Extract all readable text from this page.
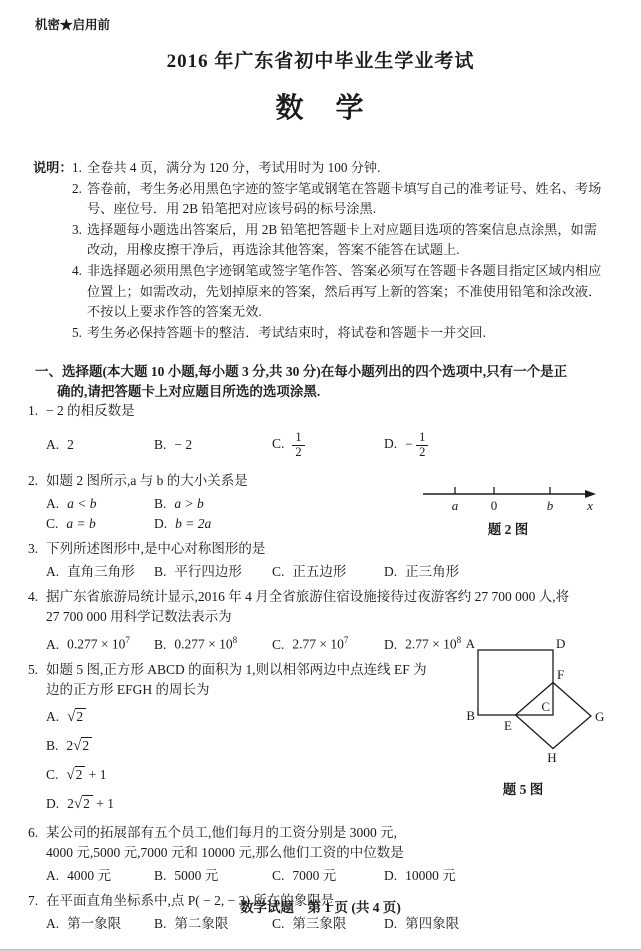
机密★启用前
2016 年广东省初中毕业生学业考试
数　学
说明： 1. 全卷共 4 页，满分为 120 分，考试用时为 100 分钟.
2. 答卷前，考生务必用黑色字迹的签字笔或钢笔在答题卡填写自己的准考证号、姓名、考场号、座位号．用 2B 铅笔把对应该号码的标号涂黑.
3. 选择题每小题选出答案后，用 2B 铅笔把答题卡上对应题目选项的答案信息点涂黑，如需改动，用橡皮擦干净后，再选涂其他答案，答案不能答在试题上.
4. 非选择题必须用黑色字迹钢笔或签字笔作答、答案必须写在答题卡各题目指定区域内相应位置上；如需改动，先划掉原来的答案，然后再写上新的答案；不准使用铅笔和涂改液．不按以上要求作答的答案无效.
5. 考生务必保持答题卡的整洁．考试结束时，将试卷和答题卡一并交回.
一、选择题(本大题 10 小题,每小题 3 分,共 30 分)在每小题列出的四个选项中,只有一个是正
确的,请把答题卡上对应题目所选的选项涂黑.
1. − 2 的相反数是
A. 2	B. − 2	C. $\frac{1}{2}$	D. − $\frac{1}{2}$
2. 如题 2 图所示,a 与 b 的大小关系是
A. a < b	B. a > b
C. a = b	D. b = 2a
3. 下列所述图形中,是中心对称图形的是
A. 直角三角形	B. 平行四边形	C. 正五边形	D. 正三角形
4. 据广东省旅游局统计显示,2016 年 4 月全省旅游住宿设施接待过夜游客约 27 700 000 人,将
27 700 000 用科学记数法表示为
A. $0.277 \times 10^7$	B. $0.277 \times 10^8$	C. $2.77 \times 10^7$	D. $2.77 \times 10^8$
5. 如题 5 图,正方形 ABCD 的面积为 1,则以相邻两边中点连线 EF 为
边的正方形 EFGH 的周长为
A. √2
B. 2√2
C. √2 + 1
D. 2√2 + 1
6. 某公司的拓展部有五个员工,他们每月的工资分别是 3000 元,
4000 元,5000 元,7000 元和 10000 元,那么他们工资的中位数是
A. 4000 元	B. 5000 元	C. 7000 元	D. 10000 元
7. 在平面直角坐标系中,点 P( − 2, − 3) 所在的象限是
A. 第一象限	B. 第二象限	C. 第三象限	D. 第四象限
a	0	b	x
题 2 图
A	D
B
C
E
F
G
H
题 5 图
数学试题　第 1 页 (共 4 页)
